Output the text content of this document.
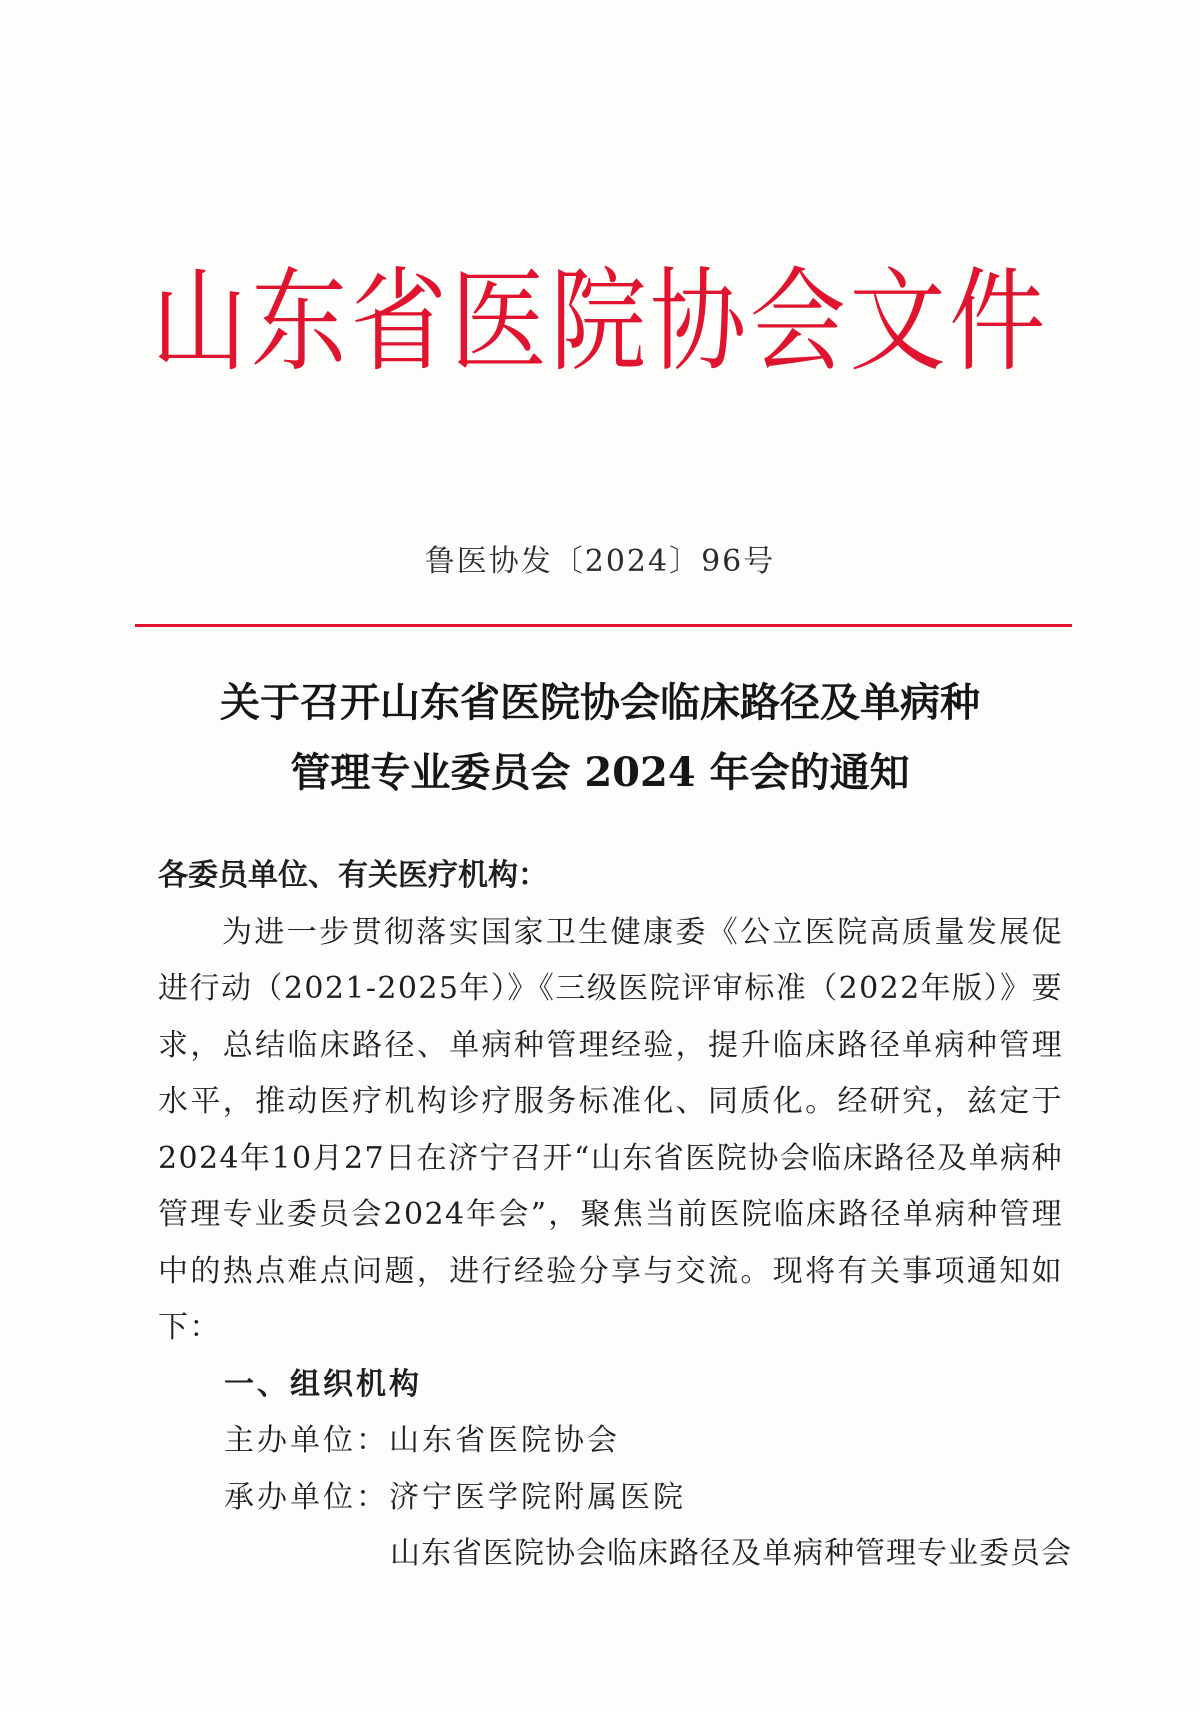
山东省医院协会文件
鲁医协发〔2024〕96号
关于召开山东省医院协会临床路径及单病种
管理专业委员会 2024 年会的通知
各委员单位、有关医疗机构：

为进一步贯彻落实国家卫生健康委《公立医院高质量发展促进行动（2021-2025年）》《三级医院评审标准（2022年版）》要求，总结临床路径、单病种管理经验，提升临床路径单病种管理水平，推动医疗机构诊疗服务标准化、同质化。经研究，兹定于2024年10月27日在济宁召开“山东省医院协会临床路径及单病种管理专业委员会2024年会”，聚焦当前医院临床路径单病种管理中的热点难点问题，进行经验分享与交流。现将有关事项通知如下：

一、组织机构
主办单位：山东省医院协会
承办单位：济宁医学院附属医院
山东省医院协会临床路径及单病种管理专业委员会
